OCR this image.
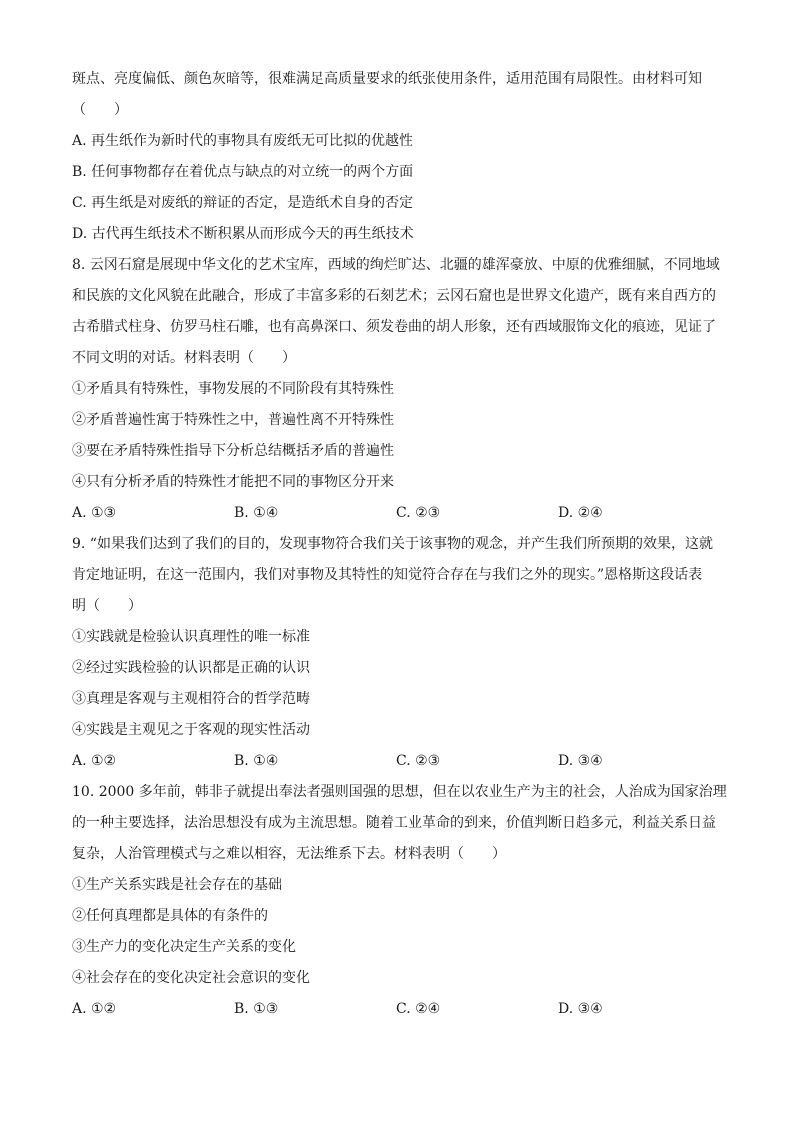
斑点、亮度偏低、颜色灰暗等，很难满足高质量要求的纸张使用条件，适用范围有局限性。由材料可知
（　　）
A. 再生纸作为新时代的事物具有废纸无可比拟的优越性
B. 任何事物都存在着优点与缺点的对立统一的两个方面
C. 再生纸是对废纸的辩证的否定，是造纸术自身的否定
D. 古代再生纸技术不断积累从而形成今天的再生纸技术
8. 云冈石窟是展现中华文化的艺术宝库，西域的绚烂旷达、北疆的雄浑豪放、中原的优雅细腻，不同地域
和民族的文化风貌在此融合，形成了丰富多彩的石刻艺术；云冈石窟也是世界文化遗产，既有来自西方的
古希腊式柱身、仿罗马柱石雕，也有高鼻深口、须发卷曲的胡人形象，还有西域服饰文化的痕迹，见证了
不同文明的对话。材料表明（　　）
①矛盾具有特殊性，事物发展的不同阶段有其特殊性
②矛盾普遍性寓于特殊性之中，普遍性离不开特殊性
③要在矛盾特殊性指导下分析总结概括矛盾的普遍性
④只有分析矛盾的特殊性才能把不同的事物区分开来
A. ①③	B. ①④	C. ②③	D. ②④
9. “如果我们达到了我们的目的，发现事物符合我们关于该事物的观念，并产生我们所预期的效果，这就
肯定地证明，在这一范围内，我们对事物及其特性的知觉符合存在与我们之外的现实。”恩格斯这段话表
明（　　）
①实践就是检验认识真理性的唯一标准
②经过实践检验的认识都是正确的认识
③真理是客观与主观相符合的哲学范畴
④实践是主观见之于客观的现实性活动
A. ①②	B. ①④	C. ②③	D. ③④
10. 2000 多年前，韩非子就提出奉法者强则国强的思想，但在以农业生产为主的社会，人治成为国家治理
的一种主要选择，法治思想没有成为主流思想。随着工业革命的到来，价值判断日趋多元，利益关系日益
复杂，人治管理模式与之难以相容，无法维系下去。材料表明（　　）
①生产关系实践是社会存在的基础
②任何真理都是具体的有条件的
③生产力的变化决定生产关系的变化
④社会存在的变化决定社会意识的变化
A. ①②	B. ①③	C. ②④	D. ③④
